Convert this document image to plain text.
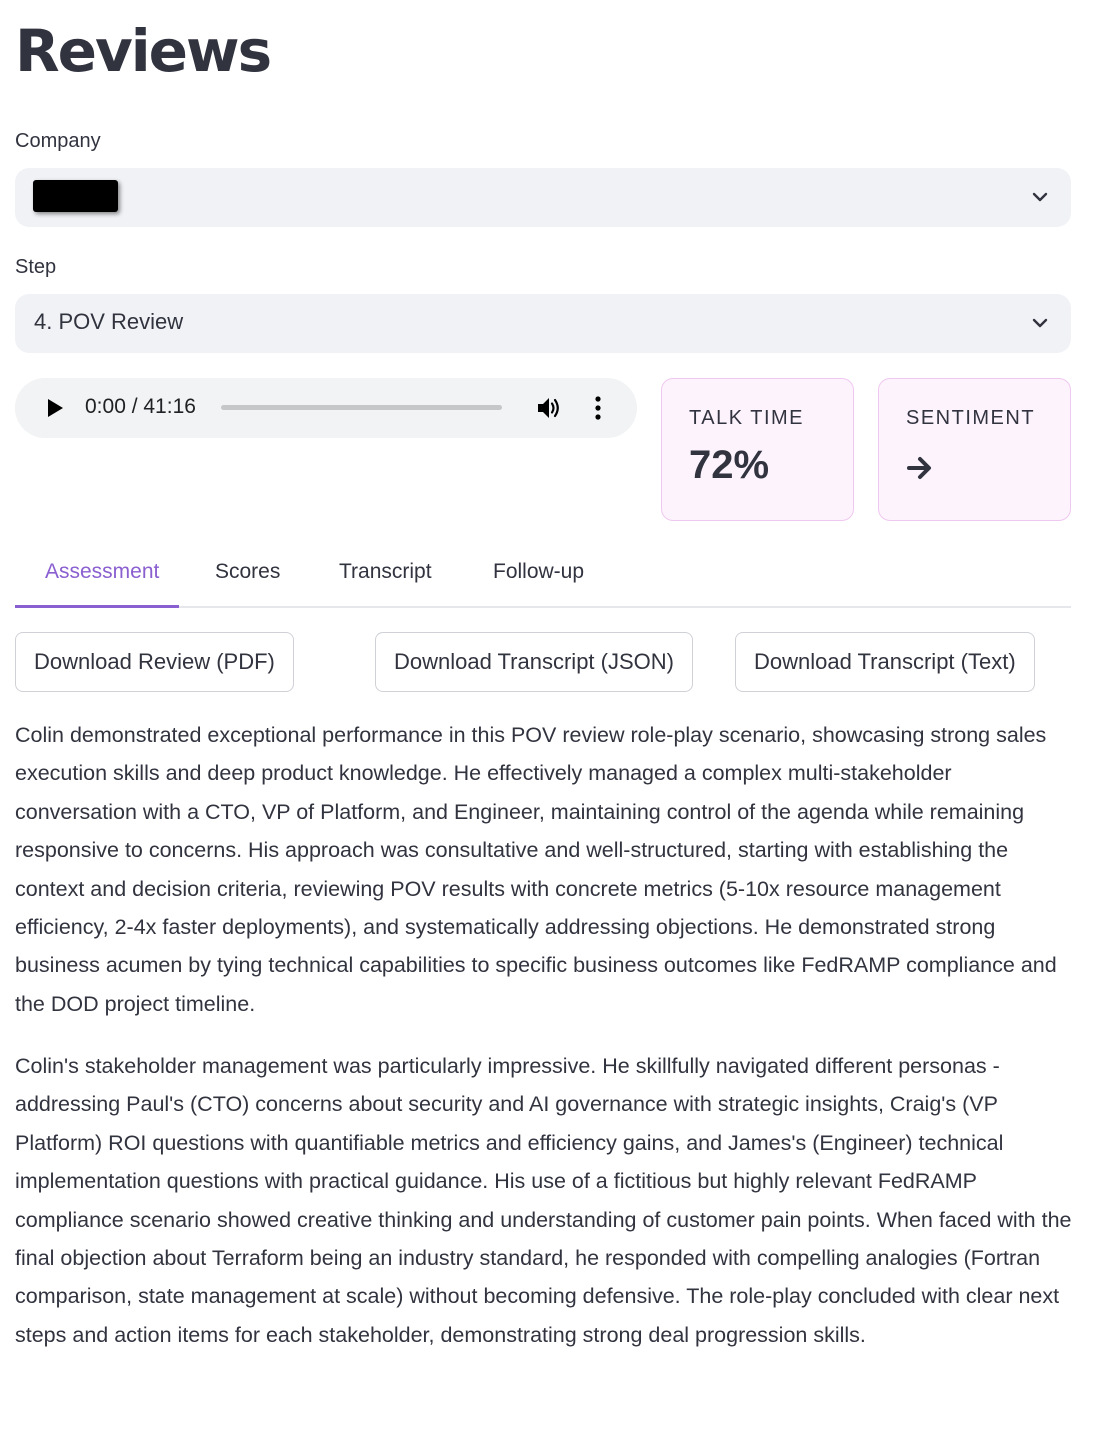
Reviews
Company
Step
4. POV Review
0:00 / 41:16	TALK TIME
72%
SENTIMENT
Assessment	Scores	Transcript	Follow-up
Download Review (PDF)	Download Transcript (JSON)	Download Transcript (Text)

Colin demonstrated exceptional performance in this POV review role-play scenario, showcasing strong sales execution skills and deep product knowledge. He effectively managed a complex multi-stakeholder conversation with a CTO, VP of Platform, and Engineer, maintaining control of the agenda while remaining responsive to concerns. His approach was consultative and well-structured, starting with establishing the context and decision criteria, reviewing POV results with concrete metrics (5-10x resource management efficiency, 2-4x faster deployments), and systematically addressing objections. He demonstrated strong business acumen by tying technical capabilities to specific business outcomes like FedRAMP compliance and the DOD project timeline.

Colin's stakeholder management was particularly impressive. He skillfully navigated different personas - addressing Paul's (CTO) concerns about security and AI governance with strategic insights, Craig's (VP Platform) ROI questions with quantifiable metrics and efficiency gains, and James's (Engineer) technical implementation questions with practical guidance. His use of a fictitious but highly relevant FedRAMP compliance scenario showed creative thinking and understanding of customer pain points. When faced with the final objection about Terraform being an industry standard, he responded with compelling analogies (Fortran comparison, state management at scale) without becoming defensive. The role-play concluded with clear next steps and action items for each stakeholder, demonstrating strong deal progression skills.
